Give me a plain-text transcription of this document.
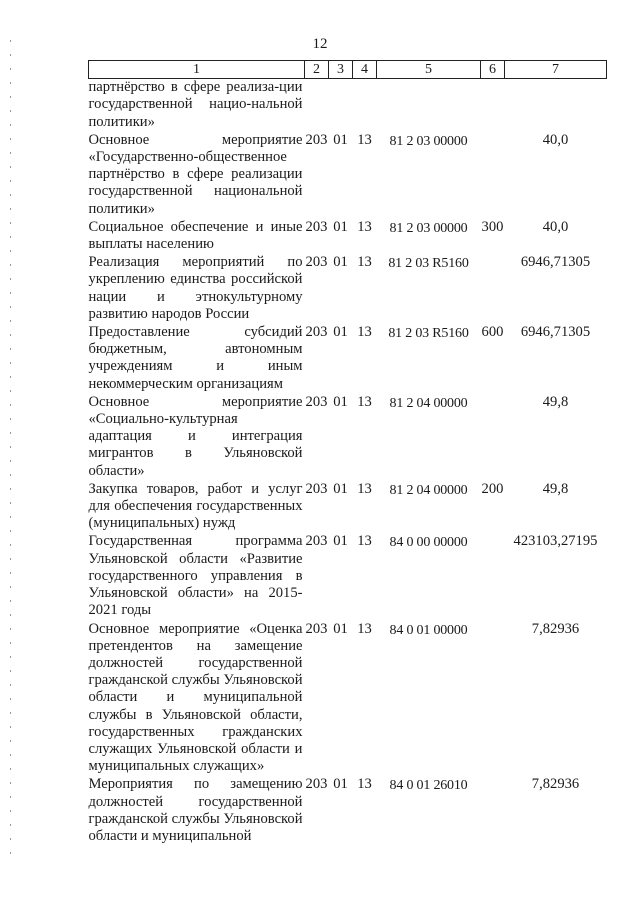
12
1	2	3	4	5	6	7
партнёрство в сфере реализа-ции государственной нацио-нальной политики»						
Основное мероприятие «Государственно-общественное партнёрство в сфере реализации государственной национальной политики»	203	01	13	81 2 03 00000		40,0
Социальное обеспечение и иные выплаты населению	203	01	13	81 2 03 00000	300	40,0
Реализация мероприятий по укреплению единства российской нации и этнокультурному развитию народов России	203	01	13	81 2 03 R5160		6946,71305
Предоставление субсидий бюджетным, автономным учреждениям и иным некоммерческим организациям	203	01	13	81 2 03 R5160	600	6946,71305
Основное мероприятие «Социально-культурная адаптация и интеграция мигрантов в Ульяновской области»	203	01	13	81 2 04 00000		49,8
Закупка товаров, работ и услуг для обеспечения государственных (муниципальных) нужд	203	01	13	81 2 04 00000	200	49,8
Государственная программа Ульяновской области «Развитие государственного управления в Ульяновской области» на 2015-2021 годы	203	01	13	84 0 00 00000		423103,27195
Основное мероприятие «Оценка претендентов на замещение должностей государственной гражданской службы Ульяновской области и муниципальной службы в Ульяновской области, государственных гражданских служащих Ульяновской области и муниципальных служащих»	203	01	13	84 0 01 00000		7,82936
Мероприятия по замещению должностей государственной гражданской службы Ульяновской области и муниципальной	203	01	13	84 0 01 26010		7,82936
